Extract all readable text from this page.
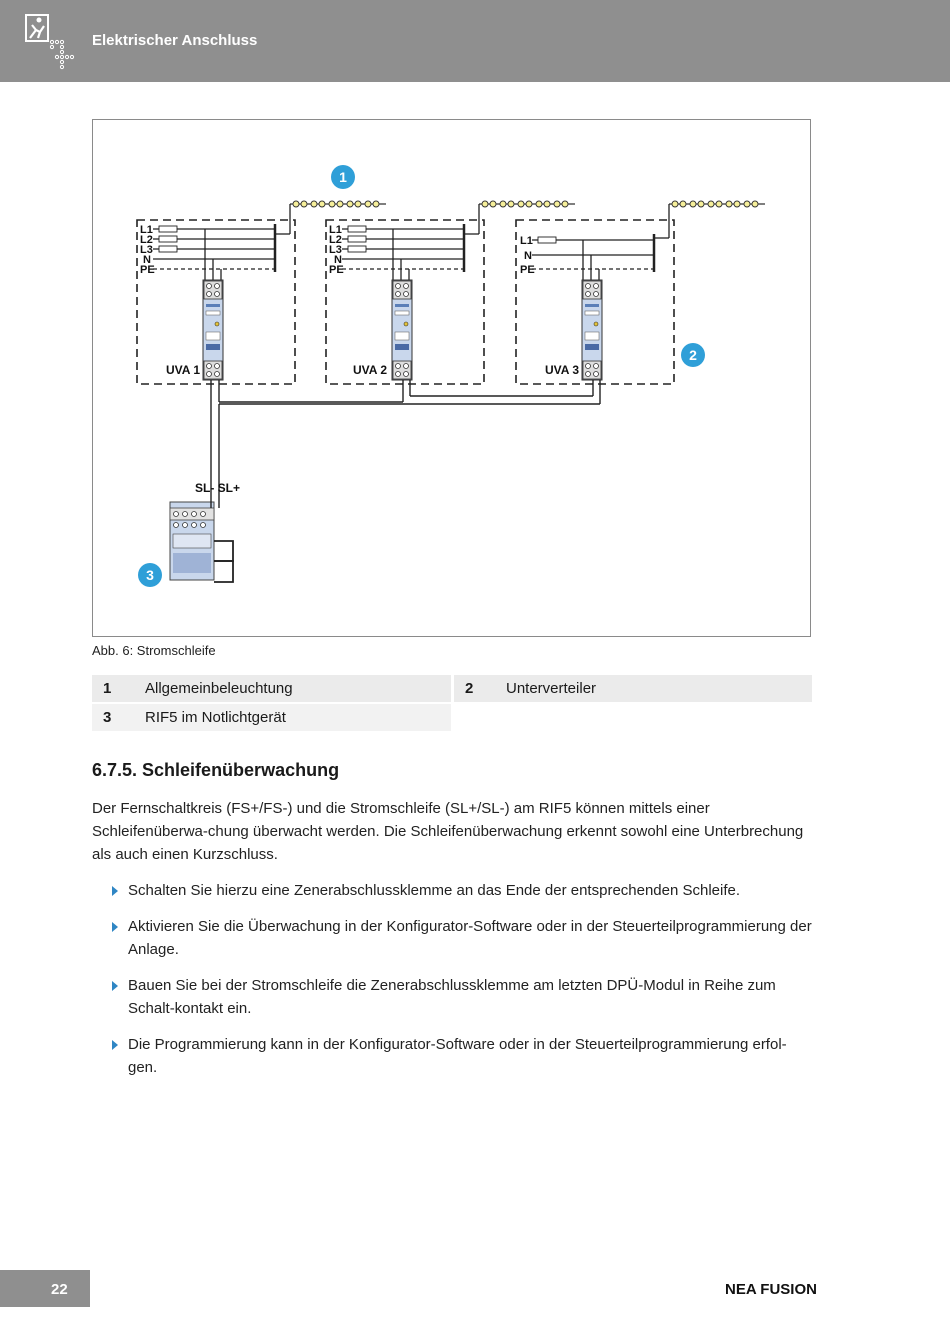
Elektrischer Anschluss
L1
L2
L3
N
PE
L1
L2
L3
N
PE
L1
N
PE
UVA 1	UVA 2	UVA 3
SL- SL+
1
2
3
Abb. 6: Stromschleife
1 Allgemeinbeleuchtung	2 Unterverteiler
3 RIF5 im Notlichtgerät
6.7.5. Schleifenüberwachung
Der Fernschaltkreis (FS+/FS-) und die Stromschleife (SL+/SL-) am RIF5 können mittels einer Schleifenüberwa-chung überwacht werden. Die Schleifenüberwachung erkennt sowohl eine Unterbrechung als auch einen Kurzschluss.
Schalten Sie hierzu eine Zenerabschlussklemme an das Ende der entsprechenden Schleife.
Aktivieren Sie die Überwachung in der Konfigurator-Software oder in der Steuerteilprogrammierung der Anlage.
Bauen Sie bei der Stromschleife die Zenerabschlussklemme am letzten DPÜ-Modul in Reihe zum Schalt-kontakt ein.
Die Programmierung kann in der Konfigurator-Software oder in der Steuerteilprogrammierung erfol-gen.
22	NEA FUSION
